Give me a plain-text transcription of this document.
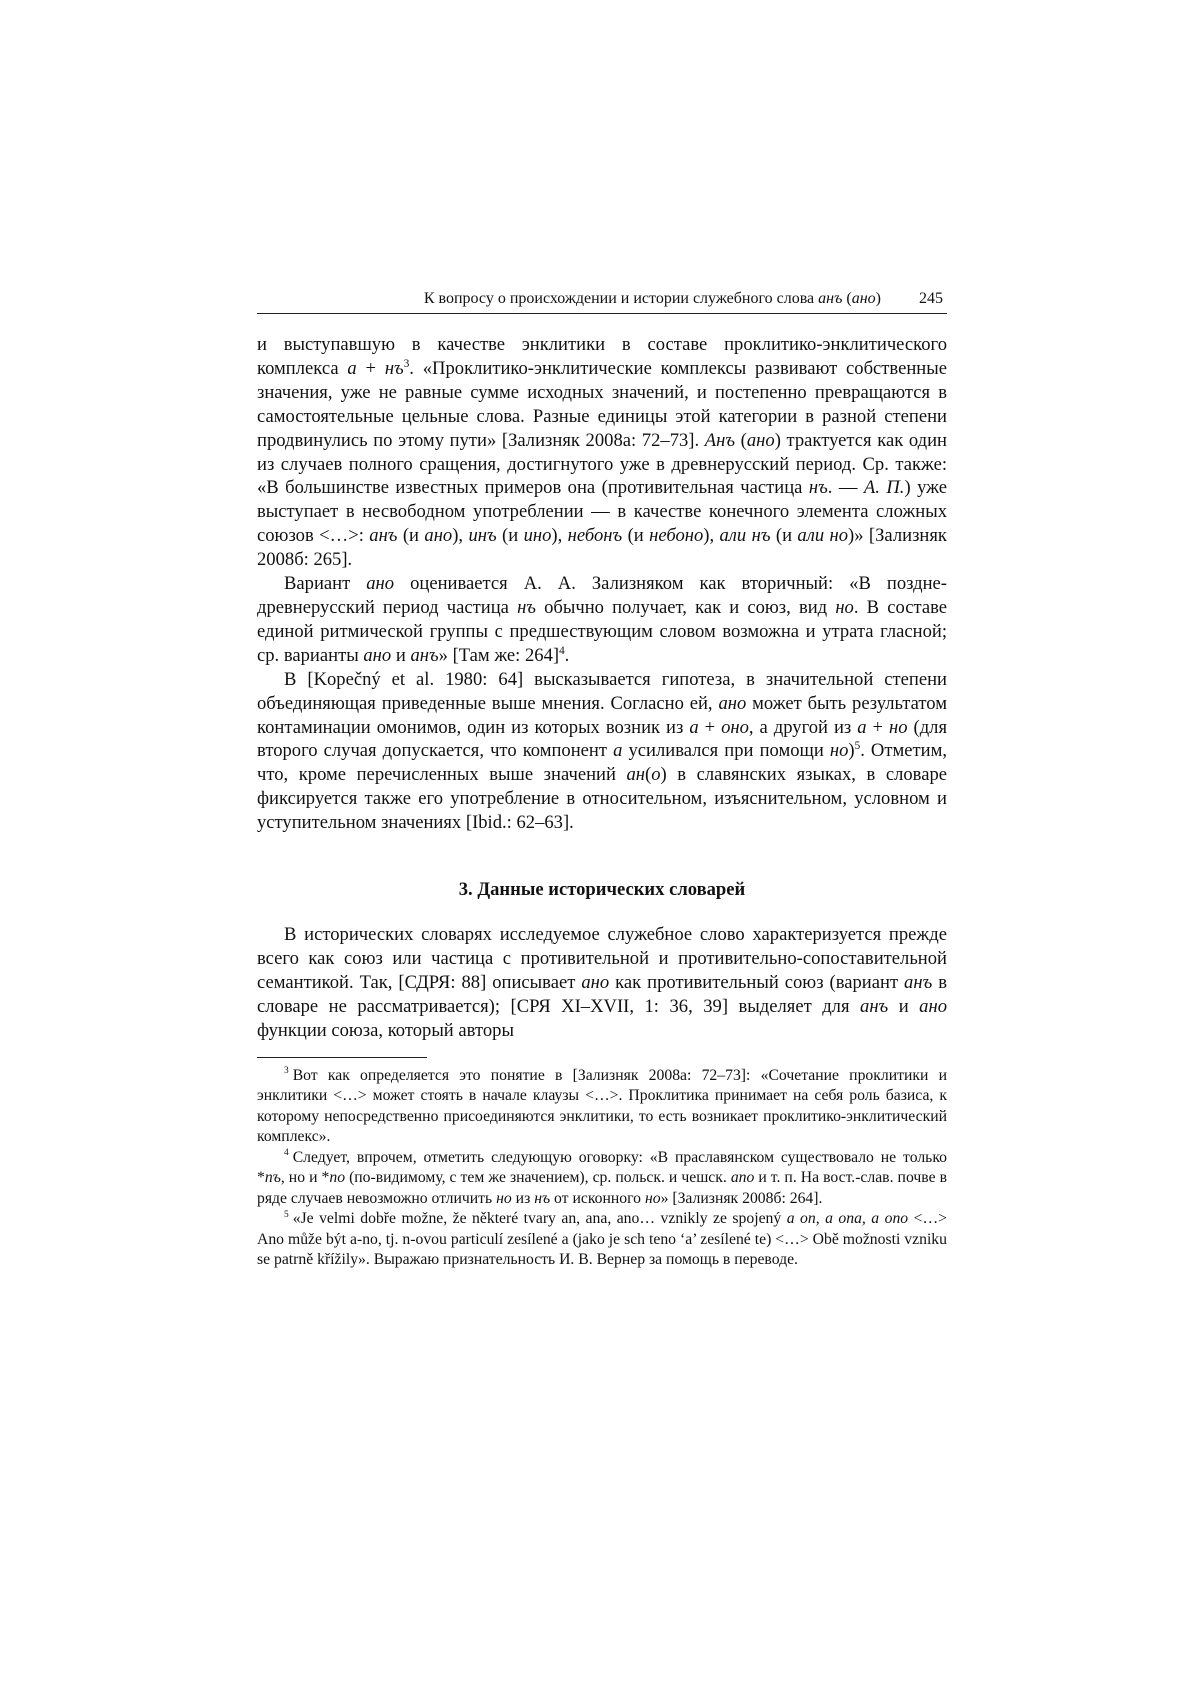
К вопросу о происхождении и истории служебного слова анъ (ано) 245

и выступавшую в качестве энклитики в составе проклитико-энклитического комплекса $а + нъ^3$. «Проклитико-энклитические комплексы развивают собственные значения, уже не равные сумме исходных значений, и постепенно превращаются в самостоятельные цельные слова. Разные единицы этой категории в разной степени продвинулись по этому пути» [Зализняк 2008а: 72–73]. Анъ (ано) трактуется как один из случаев полного сращения, достигнутого уже в древнерусский период. Ср. также: «В большинстве известных примеров она (противительная частица нъ. — А. П.) уже выступает в несвободном употреблении — в качестве конечного элемента сложных союзов <…>: анъ (и ано), инъ (и ино), небонъ (и небоно), али нъ (и али но)» [Зализняк 2008б: 265].

Вариант ано оценивается А. А. Зализняком как вторичный: «В позднедревнерусский период частица нъ обычно получает, как и союз, вид но. В составе единой ритмической группы с предшествующим словом возможна и утрата гласной; ср. варианты ано и анъ» [Там же: 264]$^4$.

В [Kopečný et al. 1980: 64] высказывается гипотеза, в значительной степени объединяющая приведенные выше мнения. Согласно ей, ано может быть результатом контаминации омонимов, один из которых возник из а + оно, а другой из а + но (для второго случая допускается, что компонент а усиливался при помощи но)$^5$. Отметим, что, кроме перечисленных выше значений ан(о) в славянских языках, в словаре фиксируется также его употребление в относительном, изъяснительном, условном и уступительном значениях [Ibid.: 62–63].

3. Данные исторических словарей

В исторических словарях исследуемое служебное слово характеризуется прежде всего как союз или частица с противительной и противительно-сопоставительной семантикой. Так, [СДРЯ: 88] описывает ано как противительный союз (вариант анъ в словаре не рассматривается); [СРЯ XI–XVII, 1: 36, 39] выделяет для анъ и ано функции союза, который авторы

$^3$ Вот как определяется это понятие в [Зализняк 2008а: 72–73]: «Сочетание проклитики и энклитики <…> может стоять в начале клаузы <…>. Проклитика принимает на себя роль базиса, к которому непосредственно присоединяются энклитики, то есть возникает проклитико-энклитический комплекс».

$^4$ Следует, впрочем, отметить следующую оговорку: «В праславянском существовало не только *nъ, но и *no (по-видимому, с тем же значением), ср. польск. и чешск. ano и т. п. На вост.-слав. почве в ряде случаев невозможно отличить но из нъ от исконного но» [Зализняк 2008б: 264].

$^5$ «Je velmi dobře možne, že některé tvary an, ana, ano… vznikly ze spojený a on, a ona, a ono <…> Ano může být a-no, tj. n-ovou particulí zesílené a (jako je sch teno ‘a’ zesílené te) <…> Obě možnosti vzniku se patrně křížily». Выражаю признательность И. В. Вернер за помощь в переводе.
